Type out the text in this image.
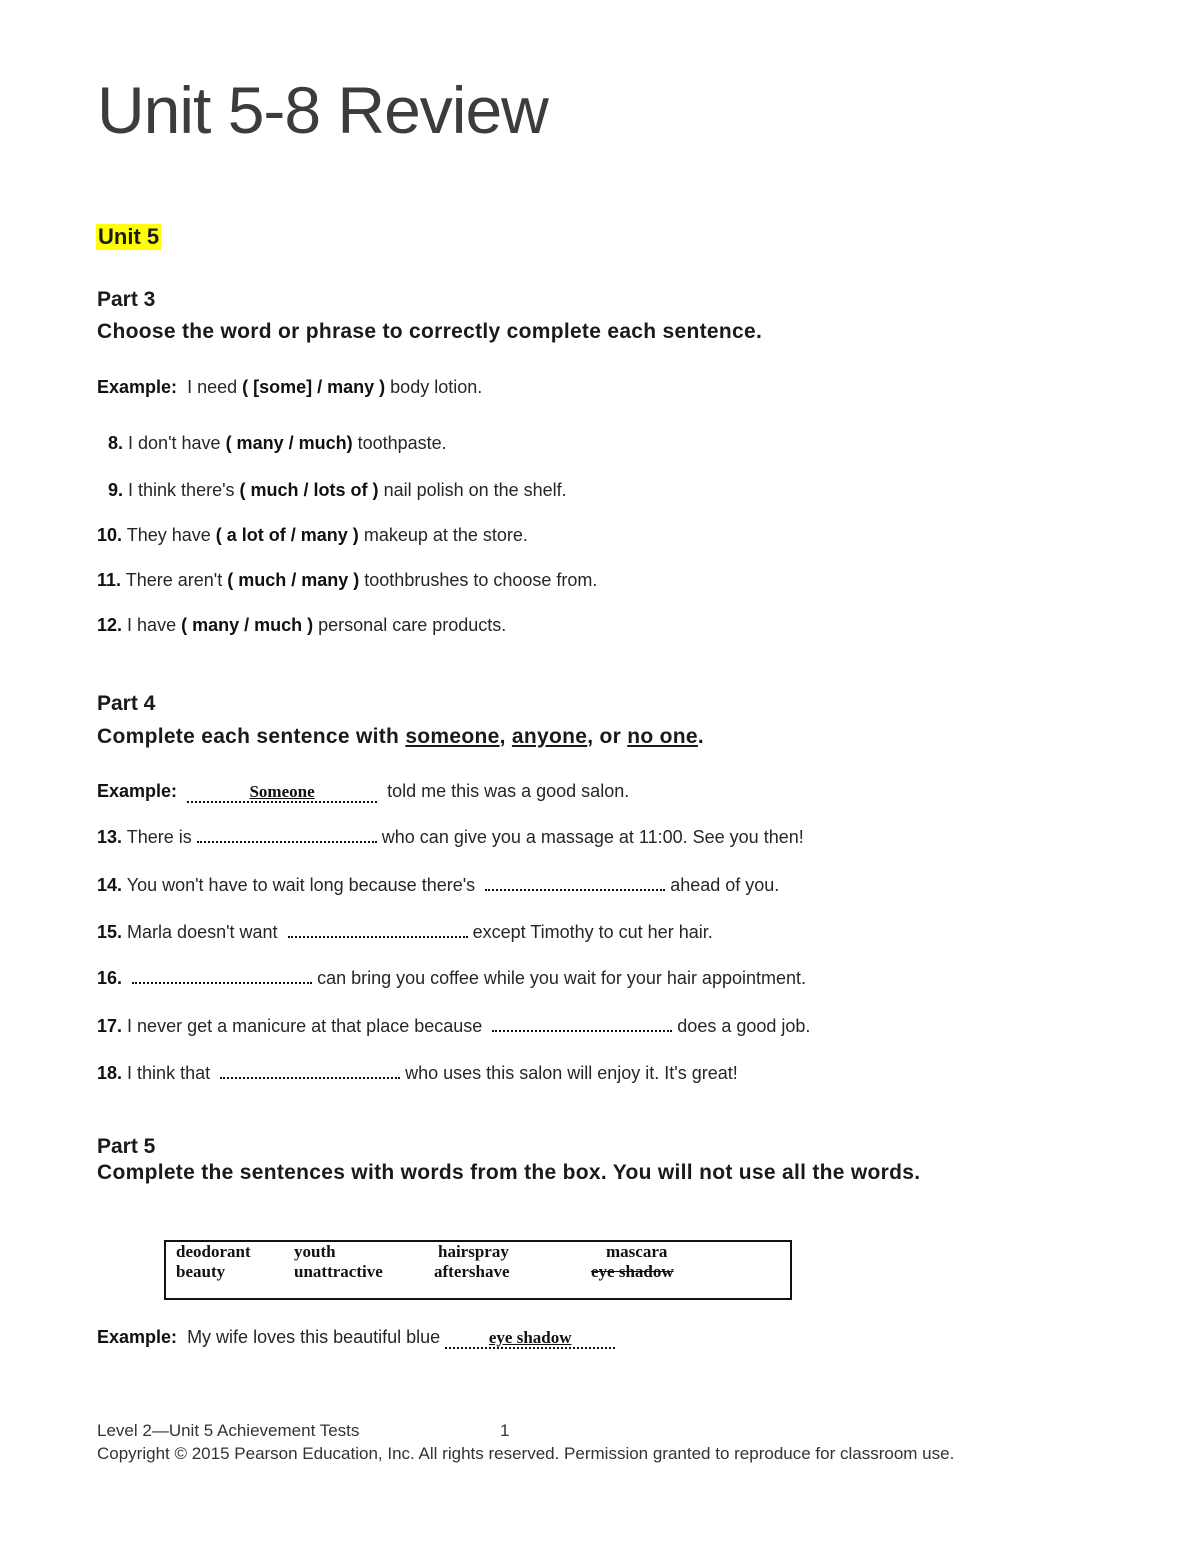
Unit 5-8 Review
Unit 5
Part 3
Choose the word or phrase to correctly complete each sentence.
Example: I need ( [some] / many ) body lotion.
8. I don't have ( many / much) toothpaste.
9. I think there's ( much / lots of ) nail polish on the shelf.
10. They have ( a lot of / many ) makeup at the store.
11. There aren't ( much / many ) toothbrushes to choose from.
12. I have ( many / much ) personal care products.
Part 4
Complete each sentence with someone, anyone, or no one.
Example:	Someone	told me this was a good salon.
13. There is	who can give you a massage at 11:00. See you then!
14. You won't have to wait long because there's	ahead of you.
15. Marla doesn't want	except Timothy to cut her hair.
16.	can bring you coffee while you wait for your hair appointment.
17. I never get a manicure at that place because	does a good job.
18. I think that	who uses this salon will enjoy it. It's great!
Part 5
Complete the sentences with words from the box. You will not use all the words.
deodorant	youth	hairspray	mascara
beauty	unattractive	aftershave	eye shadow
Example: My wife loves this beautiful blue	eye shadow
Level 2—Unit 5 Achievement Tests	1
Copyright © 2015 Pearson Education, Inc. All rights reserved. Permission granted to reproduce for classroom use.
